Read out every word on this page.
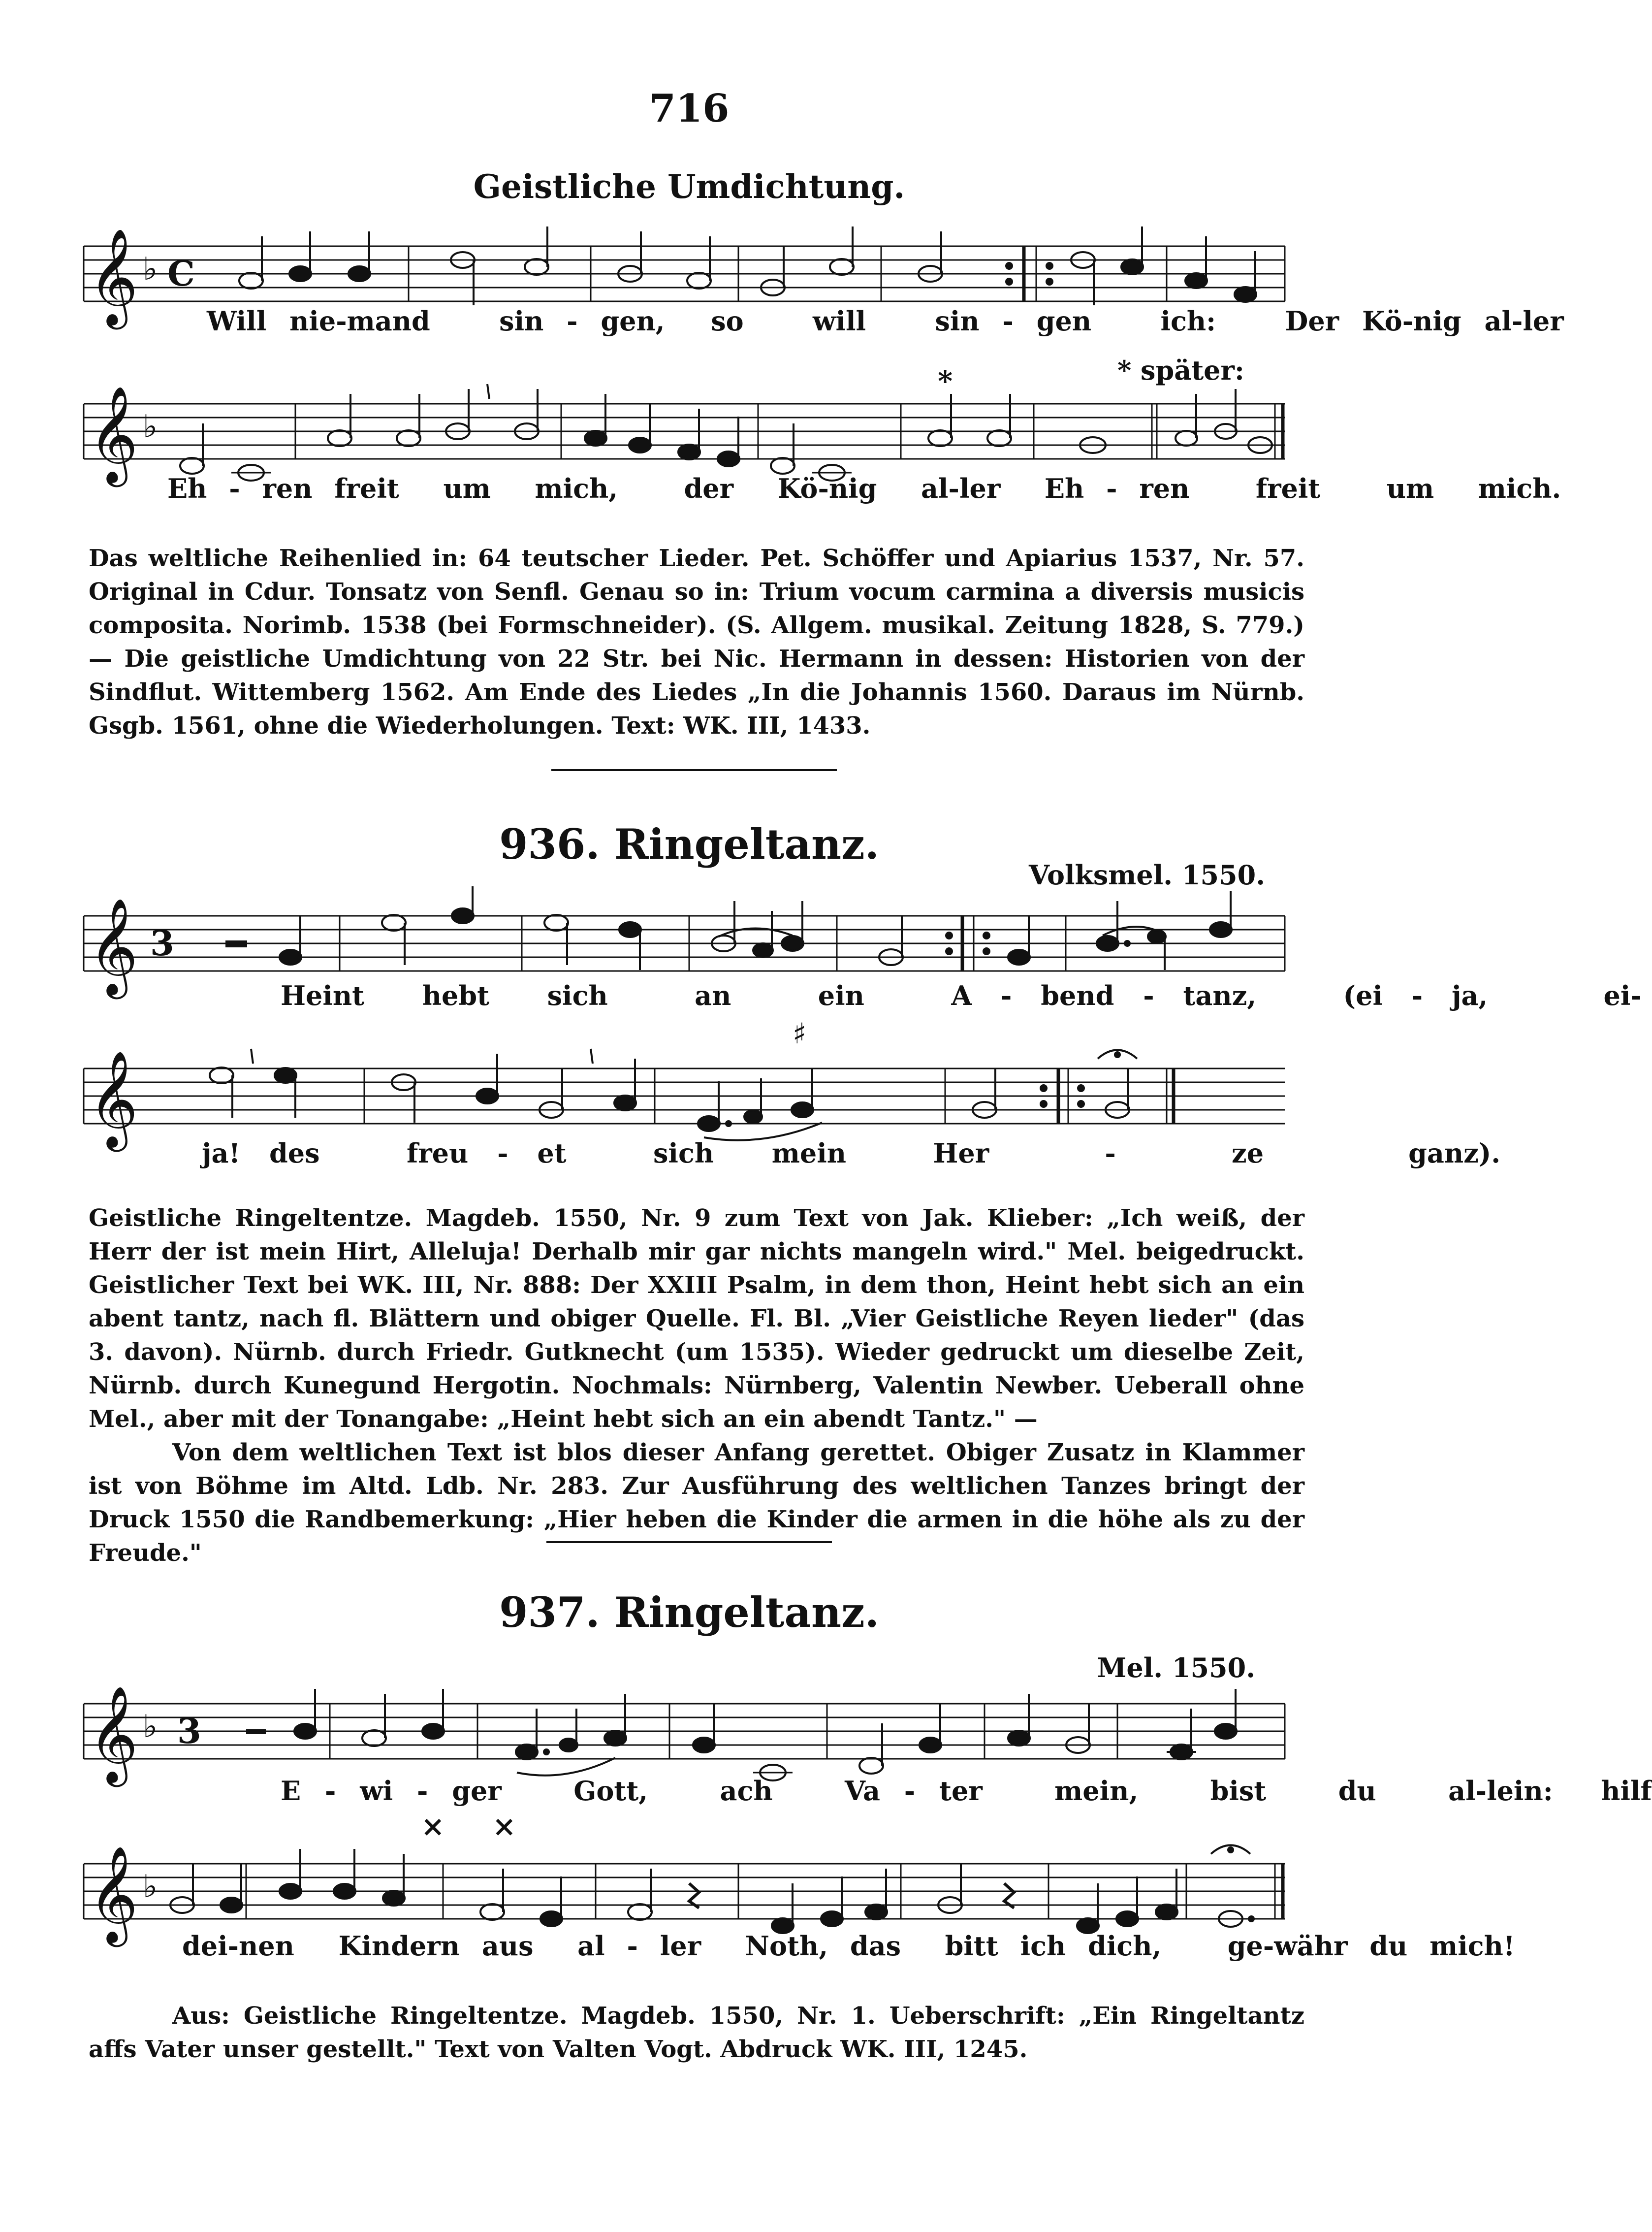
716
Geistliche Umdichtung.
𝄞 ♭ C
Will nie-mand	sin - gen, so	will	sin - gen	ich:	Der Kö-nig al-ler
*	* später:
𝄞 ♭
Eh - ren freit um mich, der Kö-nig al-ler Eh - ren freit um mich.

Das weltliche Reihenlied in: 64 teutscher Lieder. Pet. Schöffer und Apiarius 1537, Nr. 57. Original in Cdur. Tonsatz von Senfl. Genau so in: Trium vocum carmina a diversis musicis composita. Norimb. 1538 (bei Formschneider). (S. Allgem. musikal. Zeitung 1828, S. 779.) — Die geistliche Umdichtung von 22 Str. bei Nic. Hermann in dessen: Historien von der Sindflut. Wittemberg 1562. Am Ende des Liedes „In die Johannis 1560. Daraus im Nürnb. Gsgb. 1561, ohne die Wiederholungen. Text: WK. III, 1433.

936. Ringeltanz.
Volksmel. 1550.
𝄞 3
Heint hebt sich	an	ein	A - bend - tanz,	(ei - ja,	ei-
♯
𝄞
ja! des	freu - et	sich mein	Her	-	ze	ganz).

Geistliche Ringeltentze. Magdeb. 1550, Nr. 9 zum Text von Jak. Klieber: „Ich weiß, der Herr der ist mein Hirt, Alleluja! Derhalb mir gar nichts mangeln wird." Mel. beigedruckt. Geistlicher Text bei WK. III, Nr. 888: Der XXIII Psalm, in dem thon, Heint hebt sich an ein abent tantz, nach fl. Blättern und obiger Quelle. Fl. Bl. „Vier Geistliche Reyen lieder" (das 3. davon). Nürnb. durch Friedr. Gutknecht (um 1535). Wieder gedruckt um dieselbe Zeit, Nürnb. durch Kunegund Hergotin. Nochmals: Nürnberg, Valentin Newber. Ueberall ohne Mel., aber mit der Tonangabe: „Heint hebt sich an ein abendt Tantz." —

Von dem weltlichen Text ist blos dieser Anfang gerettet. Obiger Zusatz in Klammer ist von Böhme im Altd. Ldb. Nr. 283. Zur Ausführung des weltlichen Tanzes bringt der Druck 1550 die Randbemerkung: „Hier heben die Kinder die armen in die höhe als zu der Freude."

937. Ringeltanz.
Mel. 1550.
𝄞 ♭ 3
E - wi - ger	Gott,	ach	Va - ter	mein,	bist	du	al-lein: hilf
× ×
𝄞 ♭
dei-nen Kindern aus al - ler Noth, das bitt ich dich, ge-währ du mich!

Aus: Geistliche Ringeltentze. Magdeb. 1550, Nr. 1. Ueberschrift: „Ein Ringeltantz affs Vater unser gestellt." Text von Valten Vogt. Abdruck WK. III, 1245.
